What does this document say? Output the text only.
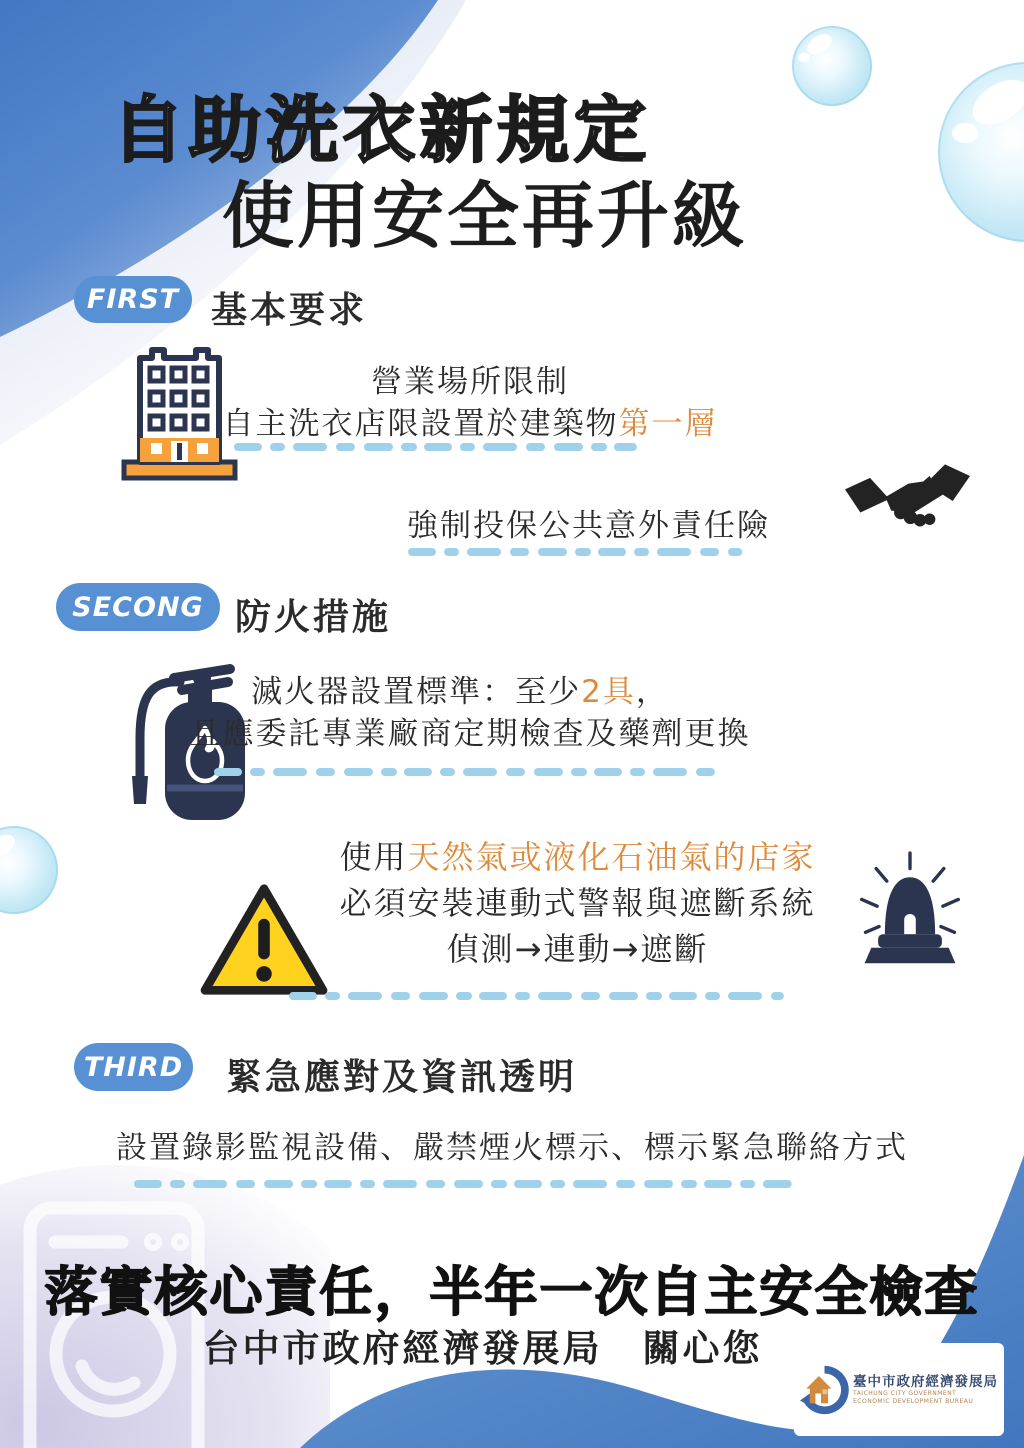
自助洗衣新規定
使用安全再升級
FIRST 基本要求
營業場所限制
自主洗衣店限設置於建築物第一層
強制投保公共意外責任險
SECONG 防火措施
滅火器設置標準：至少2具，
且應委託專業廠商定期檢查及藥劑更換
使用天然氣或液化石油氣的店家
必須安裝連動式警報與遮斷系統
偵測→連動→遮斷
THIRD 緊急應對及資訊透明
設置錄影監視設備、嚴禁煙火標示、標示緊急聯絡方式
落實核心責任，半年一次自主安全檢查
台中市政府經濟發展局　關心您
臺中市政府經濟發展局
TAICHUNG CITY GOVERNMENT
ECONOMIC DEVELOPMENT BUREAU
